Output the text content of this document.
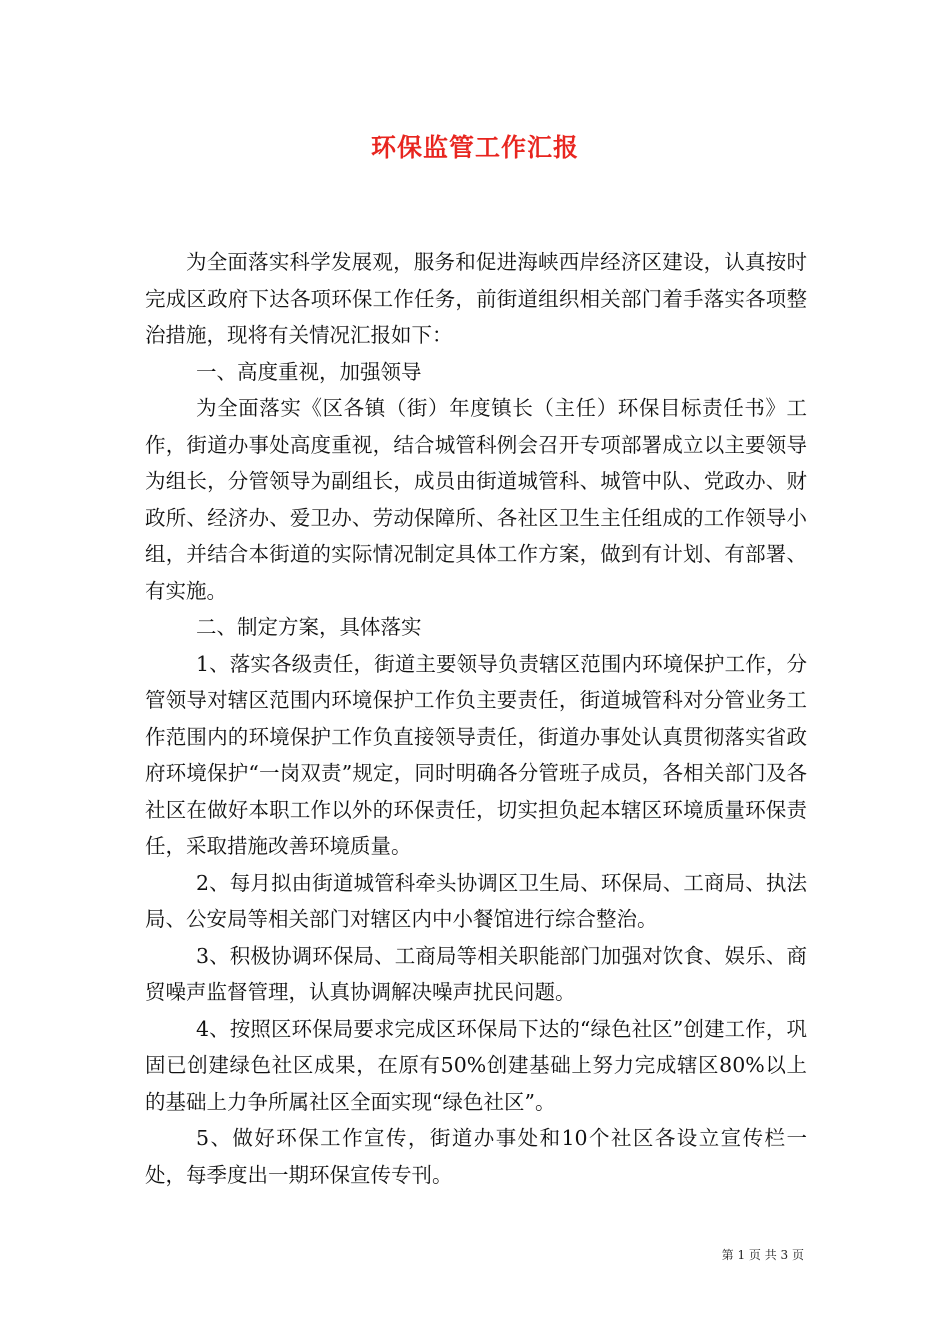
环保监管工作汇报

为全面落实科学发展观，服务和促进海峡西岸经济区建设，认真按时完成区政府下达各项环保工作任务，前街道组织相关部门着手落实各项整治措施，现将有关情况汇报如下：

一、高度重视，加强领导

为全面落实《区各镇（街）年度镇长（主任）环保目标责任书》工作，街道办事处高度重视，结合城管科例会召开专项部署成立以主要领导为组长，分管领导为副组长，成员由街道城管科、城管中队、党政办、财政所、经济办、爱卫办、劳动保障所、各社区卫生主任组成的工作领导小组，并结合本街道的实际情况制定具体工作方案，做到有计划、有部署、有实施。

二、制定方案，具体落实

1、落实各级责任，街道主要领导负责辖区范围内环境保护工作，分管领导对辖区范围内环境保护工作负主要责任，街道城管科对分管业务工作范围内的环境保护工作负直接领导责任，街道办事处认真贯彻落实省政府环境保护“一岗双责”规定，同时明确各分管班子成员，各相关部门及各社区在做好本职工作以外的环保责任，切实担负起本辖区环境质量环保责任，采取措施改善环境质量。

2、每月拟由街道城管科牵头协调区卫生局、环保局、工商局、执法局、公安局等相关部门对辖区内中小餐馆进行综合整治。

3、积极协调环保局、工商局等相关职能部门加强对饮食、娱乐、商贸噪声监督管理，认真协调解决噪声扰民问题。

4、按照区环保局要求完成区环保局下达的“绿色社区”创建工作，巩固已创建绿色社区成果，在原有50%创建基础上努力完成辖区80%以上的基础上力争所属社区全面实现“绿色社区”。

5、做好环保工作宣传，街道办事处和10个社区各设立宣传栏一处，每季度出一期环保宣传专刊。

第 1 页 共 3 页
